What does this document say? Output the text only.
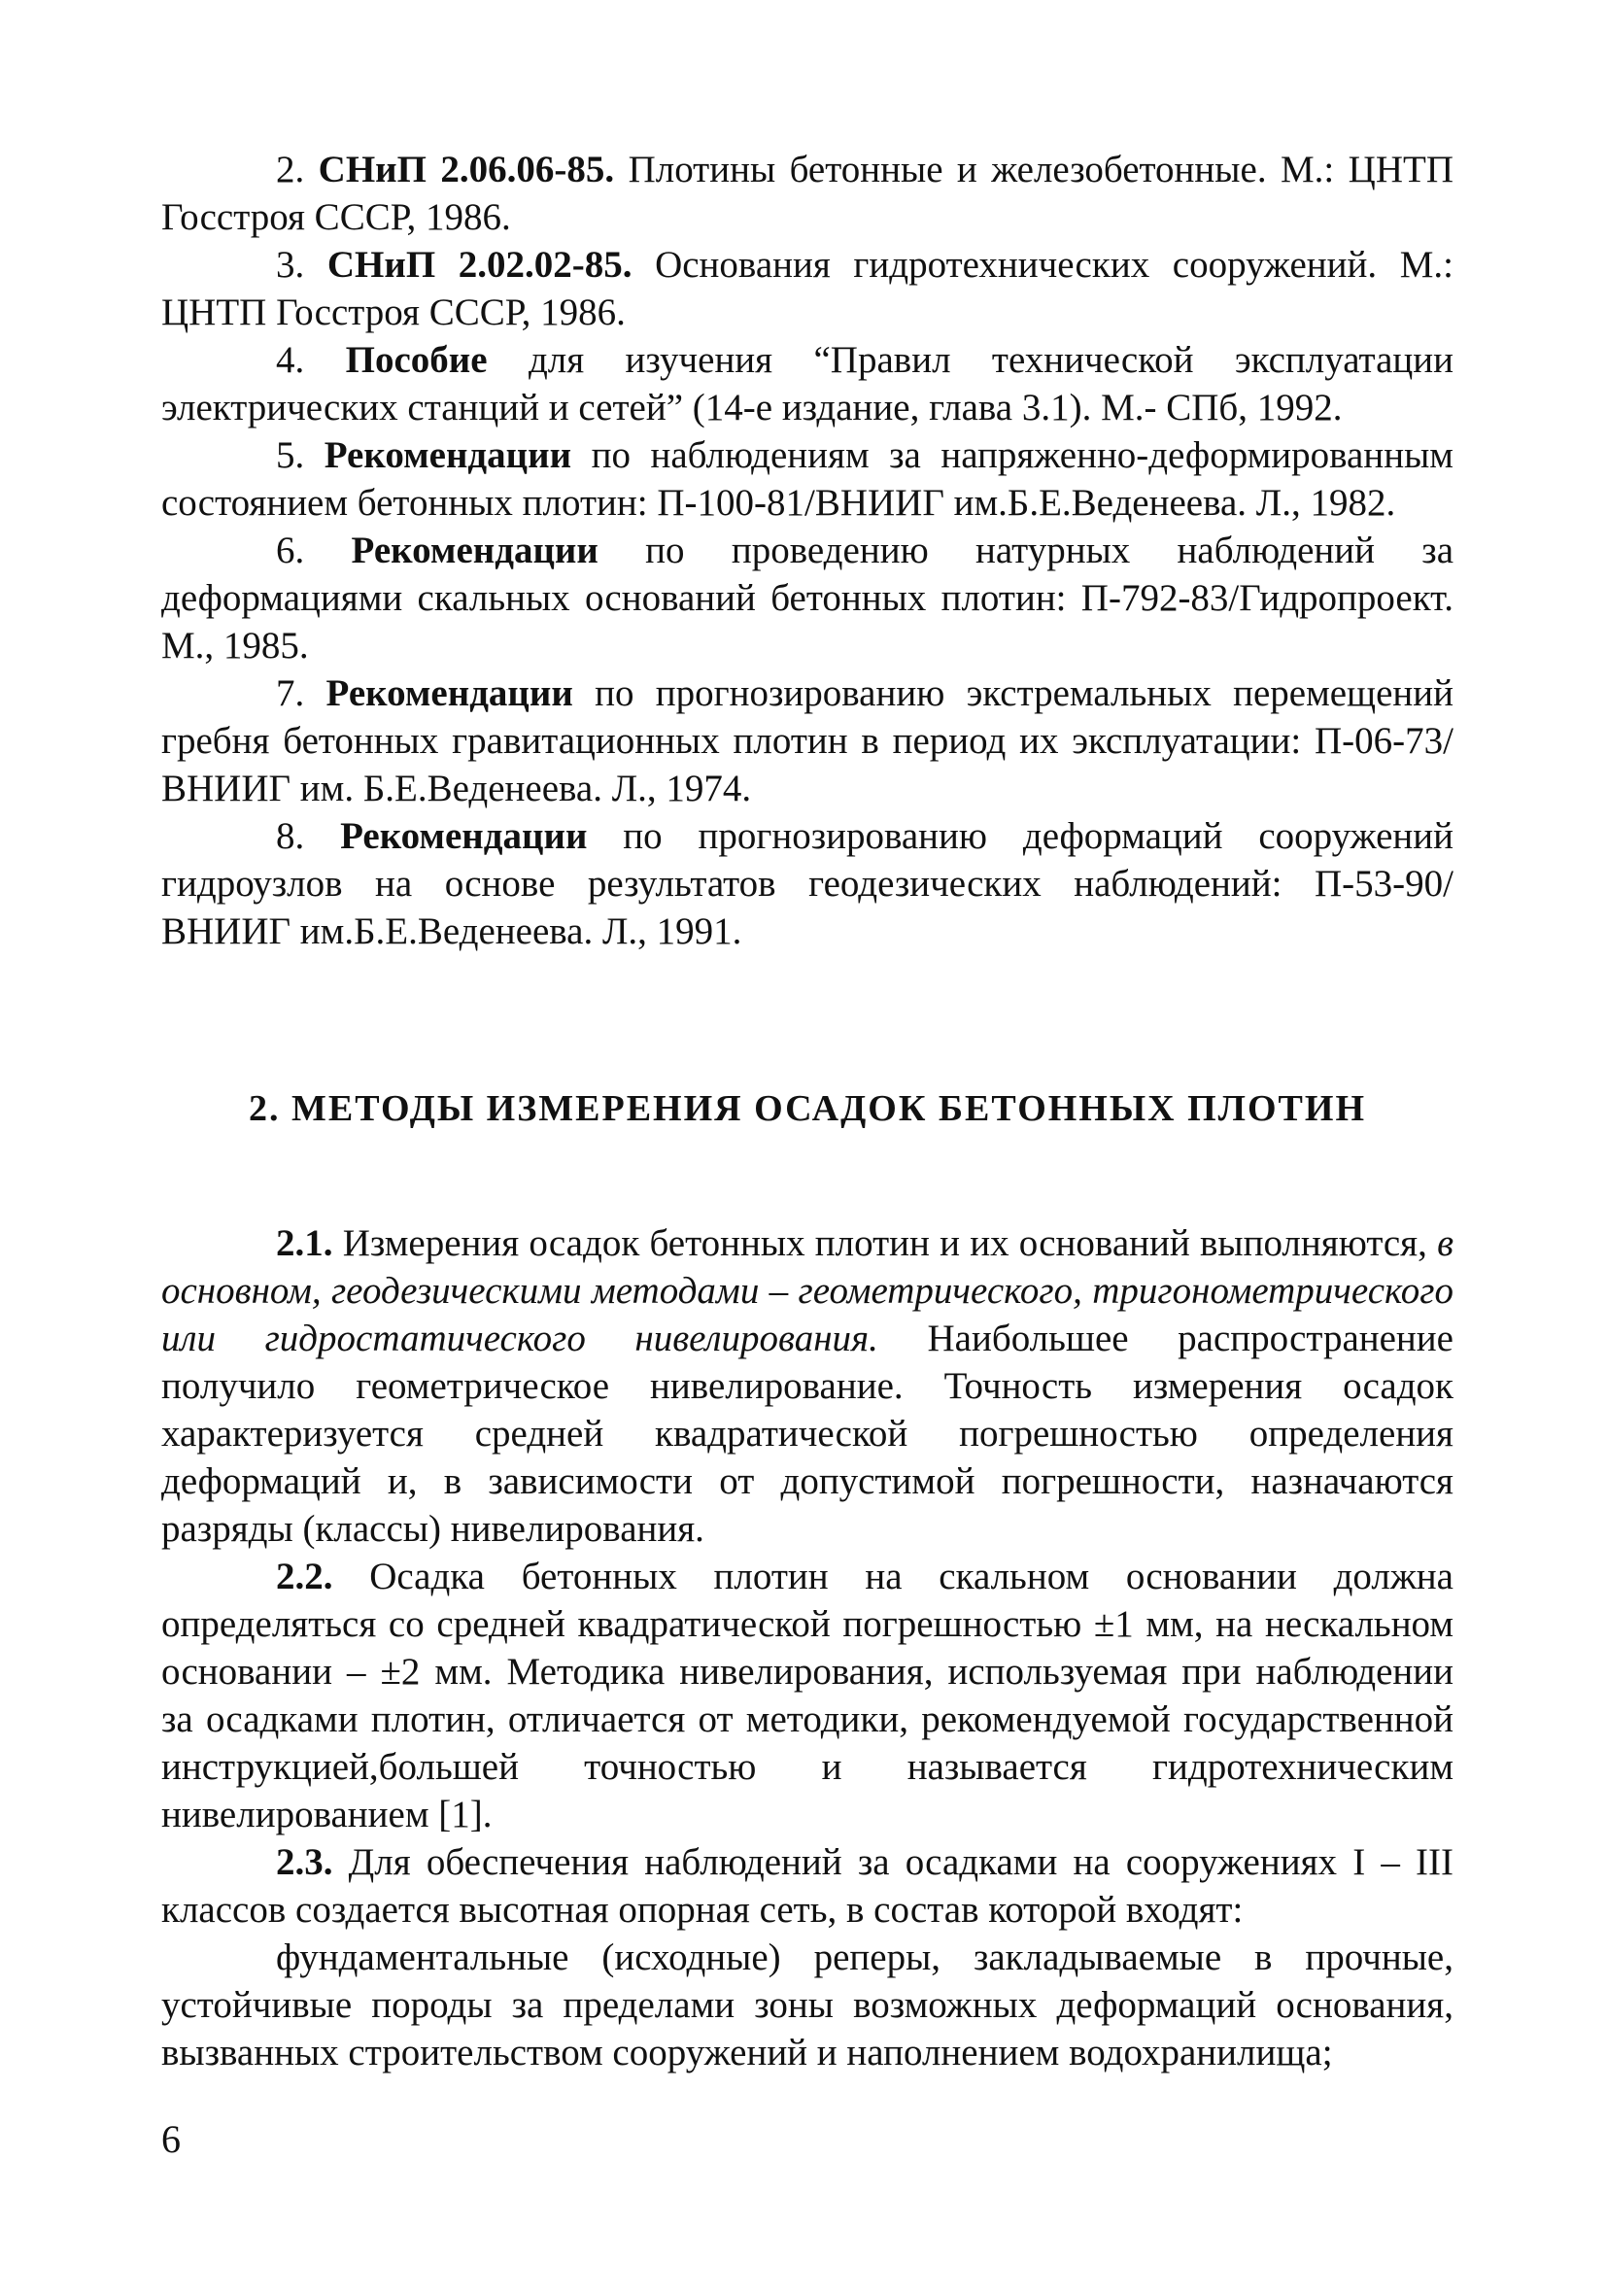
2. СНиП 2.06.06-85. Плотины бетонные и железобетонные. М.: ЦНТП Госстроя СССР, 1986.

3. СНиП 2.02.02-85. Основания гидротехнических сооружений. М.: ЦНТП Госстроя СССР, 1986.

4. Пособие для изучения “Правил технической эксплуатации электрических станций и сетей” (14-е издание, глава 3.1). М.- СПб, 1992.

5. Рекомендации по наблюдениям за напряженно-деформированным состоянием бетонных плотин: П-100-81/ВНИИГ им.Б.Е.Веденеева. Л., 1982.

6. Рекомендации по проведению натурных наблюдений за деформациями скальных оснований бетонных плотин: П-792-83/Гидропроект. М., 1985.

7. Рекомендации по прогнозированию экстремальных перемещений гребня бетонных гравитационных плотин в период их эксплуатации: П-06-73/ ВНИИГ им. Б.Е.Веденеева. Л., 1974.

8. Рекомендации по прогнозированию деформаций сооружений гидроузлов на основе результатов геодезических наблюдений: П-53-90/ ВНИИГ им.Б.Е.Веденеева. Л., 1991.

2. МЕТОДЫ ИЗМЕРЕНИЯ ОСАДОК БЕТОННЫХ ПЛОТИН

2.1. Измерения осадок бетонных плотин и их оснований выполняются, в основном, геодезическими методами – геометрического, тригонометрического или гидростатического нивелирования. Наибольшее распространение получило геометрическое нивелирование. Точность измерения осадок характеризуется средней квадратической погрешностью определения деформаций и, в зависимости от допустимой погрешности, назначаются разряды (классы) нивелирования.

2.2. Осадка бетонных плотин на скальном основании должна определяться со средней квадратической погрешностью ±1 мм, на нескальном основании – ±2 мм. Методика нивелирования, используемая при наблюдении за осадками плотин, отличается от методики, рекомендуемой государственной инструкцией,большей точностью и называется гидротехническим нивелированием [1].

2.3. Для обеспечения наблюдений за осадками на сооружениях I – III классов создается высотная опорная сеть, в состав которой входят:

фундаментальные (исходные) реперы, закладываемые в прочные, устойчивые породы за пределами зоны возможных деформаций основания, вызванных строительством сооружений и наполнением водохранилища;

6
